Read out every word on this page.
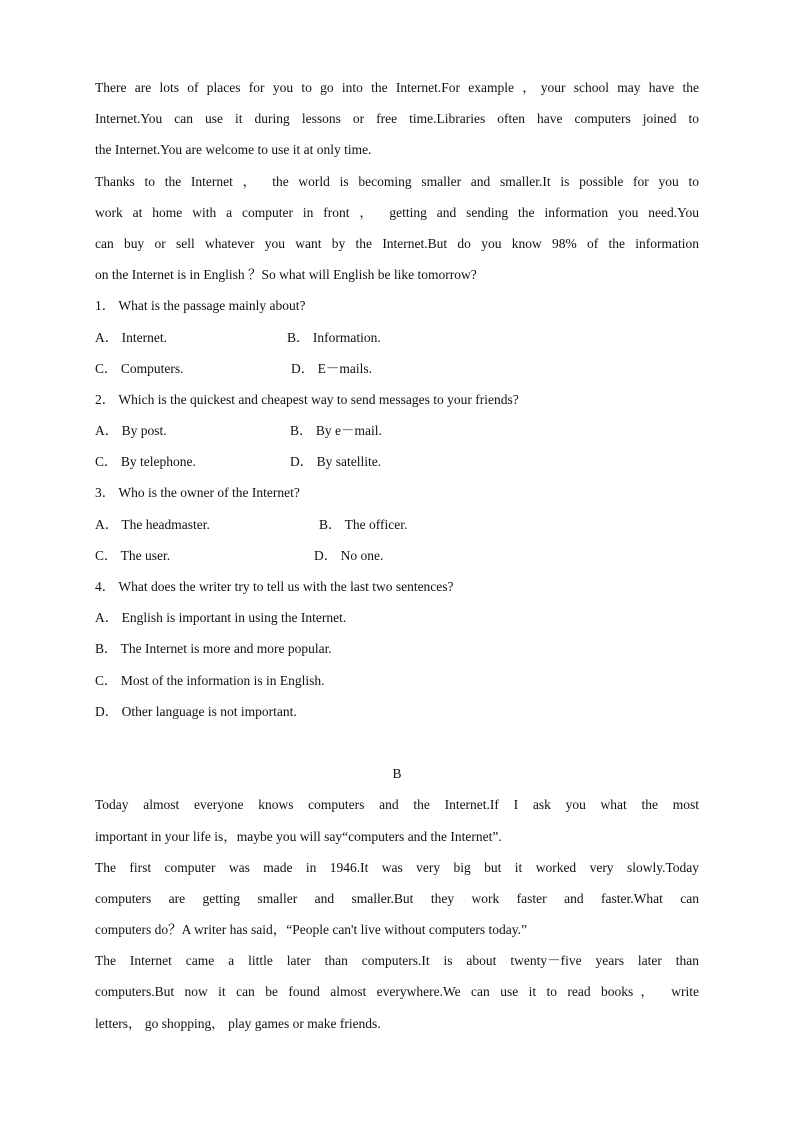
There are lots of places for you to go into the Internet.For example ，your school may have the
Internet.You can use it during lessons or free time.Libraries often have computers joined to
the Internet.You are welcome to use it at only time.
Thanks to the Internet ， the world is becoming smaller and smaller.It is possible for you to
work at home with a computer in front ， getting and sending the information you need.You
can buy or sell whatever you want by the Internet.But do you know 98% of the information
on the Internet is in English ？So what will English be like tomorrow?
1． What is the passage mainly about?
A． Internet.	B． Information.
C． Computers.	D． E－mails.
2． Which is the quickest and cheapest way to send messages to your friends?
A． By post.	B． By e－mail.
C． By telephone.	D． By satellite.
3． Who is the owner of the Internet?
A． The headmaster.	B． The officer.
C． The user.	D． No one.
4． What does the writer try to tell us with the last two sentences?
A． English is important in using the Internet.
B． The Internet is more and more popular.
C． Most of the information is in English.
D． Other language is not important.
B
Today almost everyone knows computers and the Internet.If I ask you what the most
important in your life is，maybe you will say“computers and the Internet”.
The first computer was made in 1946.It was very big but it worked very slowly.Today
computers are getting smaller and smaller.But they work faster and faster.What can
computers do？A writer has said，“People can't live without computers today.”
The Internet came a little later than computers.It is about twenty－five years later than
computers.But now it can be found almost everywhere.We can use it to read books， write
letters， go shopping， play games or make friends.
